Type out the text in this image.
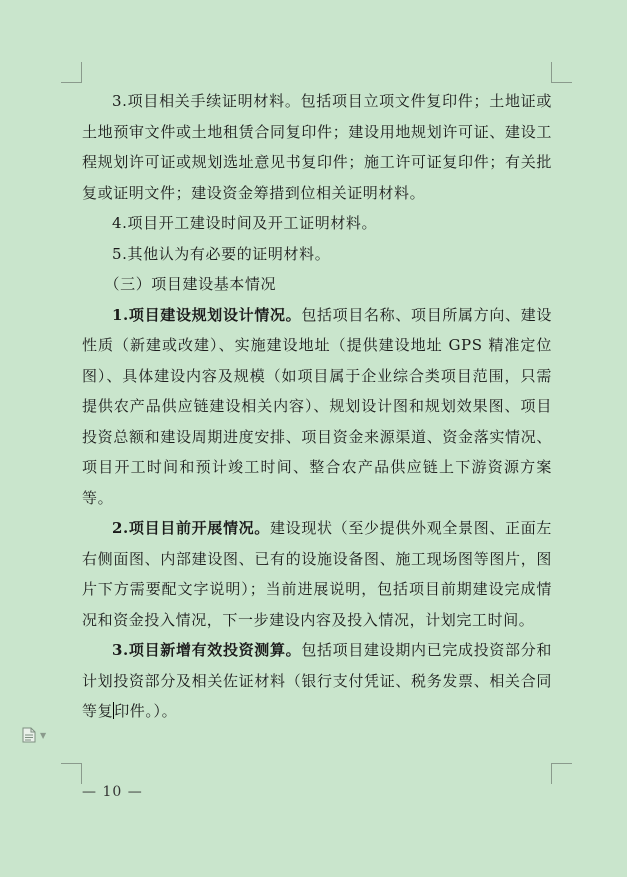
3.项目相关手续证明材料。包括项目立项文件复印件；土地证或土地预审文件或土地租赁合同复印件；建设用地规划许可证、建设工程规划许可证或规划选址意见书复印件；施工许可证复印件；有关批复或证明文件；建设资金筹措到位相关证明材料。

4.项目开工建设时间及开工证明材料。

5.其他认为有必要的证明材料。

（三）项目建设基本情况

1.项目建设规划设计情况。包括项目名称、项目所属方向、建设性质（新建或改建）、实施建设地址（提供建设地址 GPS 精准定位图）、具体建设内容及规模（如项目属于企业综合类项目范围，只需提供农产品供应链建设相关内容）、规划设计图和规划效果图、项目投资总额和建设周期进度安排、项目资金来源渠道、资金落实情况、项目开工时间和预计竣工时间、整合农产品供应链上下游资源方案等。

2.项目目前开展情况。建设现状（至少提供外观全景图、正面左右侧面图、内部建设图、已有的设施设备图、施工现场图等图片，图片下方需要配文字说明）；当前进展说明，包括项目前期建设完成情况和资金投入情况，下一步建设内容及投入情况，计划完工时间。

3.项目新增有效投资测算。包括项目建设期内已完成投资部分和计划投资部分及相关佐证材料（银行支付凭证、税务发票、相关合同等复印件。）。

▼
— 10 —
